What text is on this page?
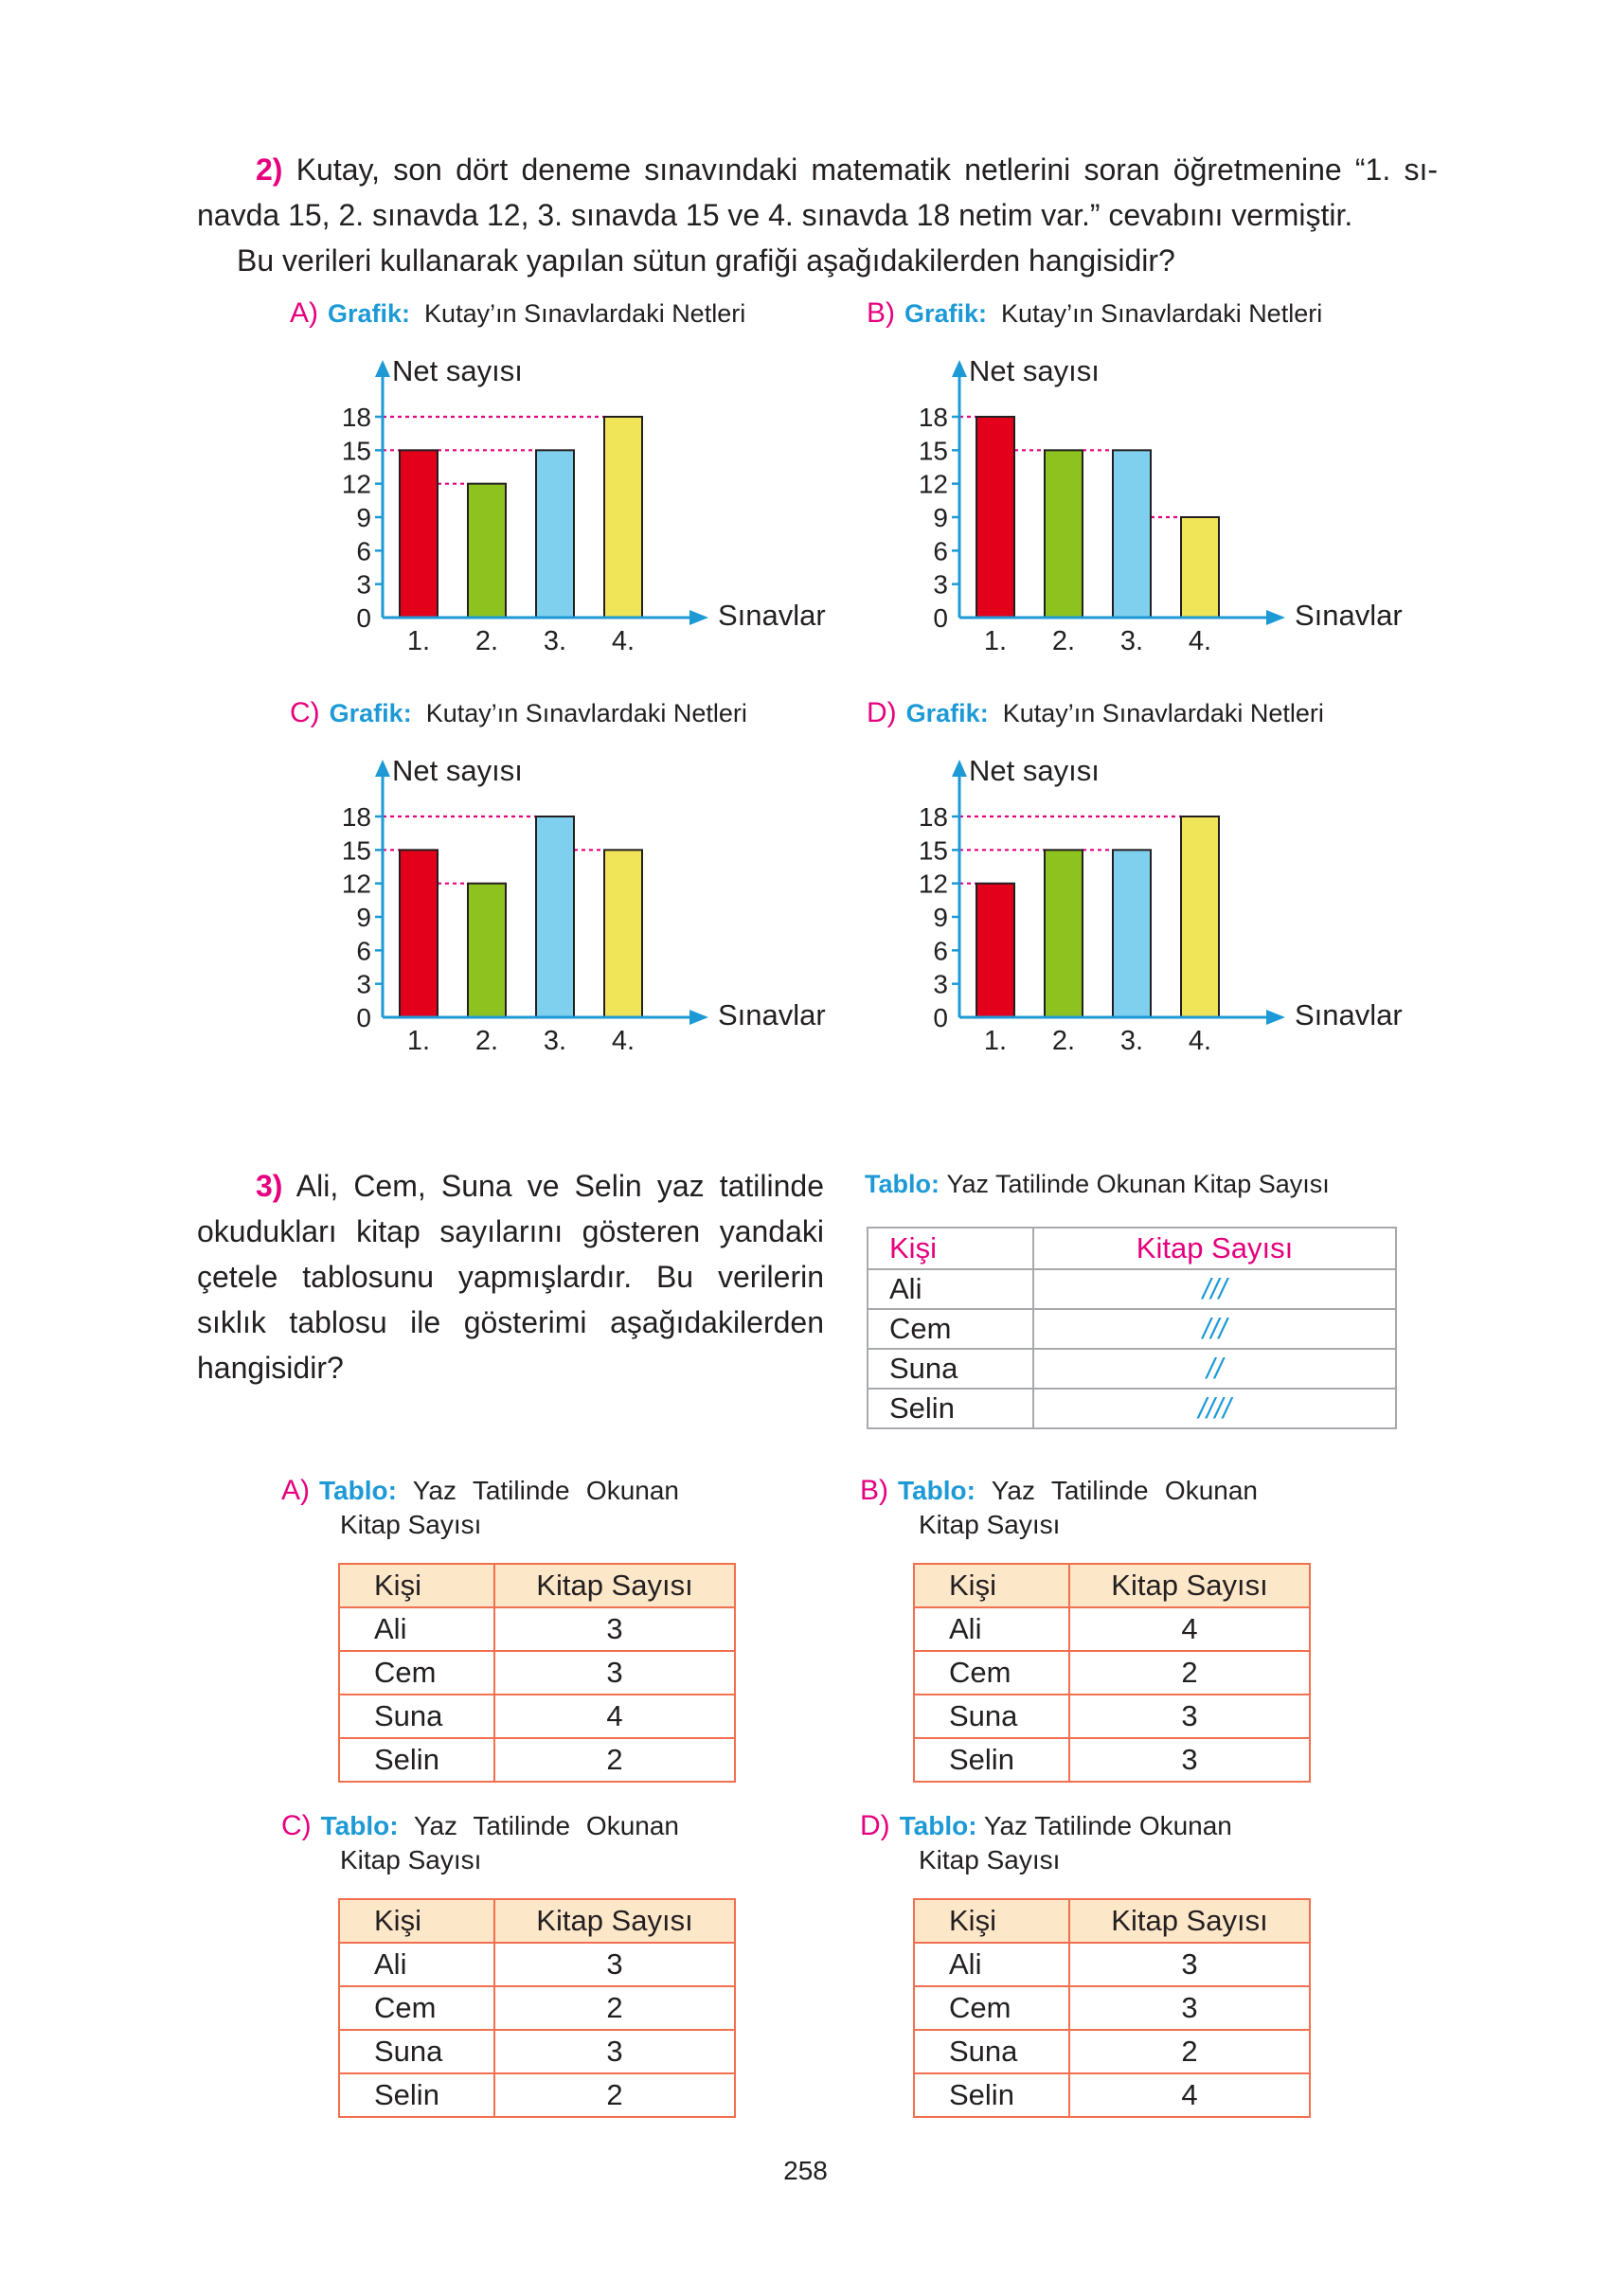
2) Kutay, son dört deneme sınavındaki matematik netlerini soran öğretmenine “1. sı-
navda 15, 2. sınavda 12, 3. sınavda 15 ve 4. sınavda 18 netim var.” cevabını vermiştir.
Bu verileri kullanarak yapılan sütun grafiği aşağıdakilerden hangisidir?
A) Grafik: Kutay’ın Sınavlardaki Netleri	B) Grafik: Kutay’ın Sınavlardaki Netleri
C) Grafik: Kutay’ın Sınavlardaki Netleri	D) Grafik: Kutay’ın Sınavlardaki Netleri
1. 2. 3. 4.
0
3
6
9
12
15
18
Net sayısı
Sınavlar
1. 2. 3. 4.
0
3
6
9
12
15
18
Net sayısı
Sınavlar
1. 2. 3. 4.
0
3
6
9
12
15
18
Net sayısı
Sınavlar
1. 2. 3. 4.
0
3
6
9
12
15
18
Net sayısı
Sınavlar
3) Ali, Cem, Suna ve Selin yaz tatilinde
okudukları kitap sayılarını gösteren yandaki
çetele tablosunu yapmışlardır. Bu verilerin
sıklık tablosu ile gösterimi aşağıdakilerden
hangisidir?
Tablo: Yaz Tatilinde Okunan Kitap Sayısı
Kişi	Kitap Sayısı
Ali	///
Cem	///
Suna	//
Selin	////
A) Tablo: Yaz Tatilinde Okunan
Kitap Sayısı
B) Tablo: Yaz Tatilinde Okunan
Kitap Sayısı
C) Tablo: Yaz Tatilinde Okunan
Kitap Sayısı
D) Tablo: Yaz Tatilinde Okunan
Kitap Sayısı
Kişi	Kitap Sayısı
Ali	3
Cem	3
Suna	4
Selin	2
Kişi	Kitap Sayısı
Ali	4
Cem	2
Suna	3
Selin	3
Kişi	Kitap Sayısı
Ali	3
Cem	2
Suna	3
Selin	2
Kişi	Kitap Sayısı
Ali	3
Cem	3
Suna	2
Selin	4
258
